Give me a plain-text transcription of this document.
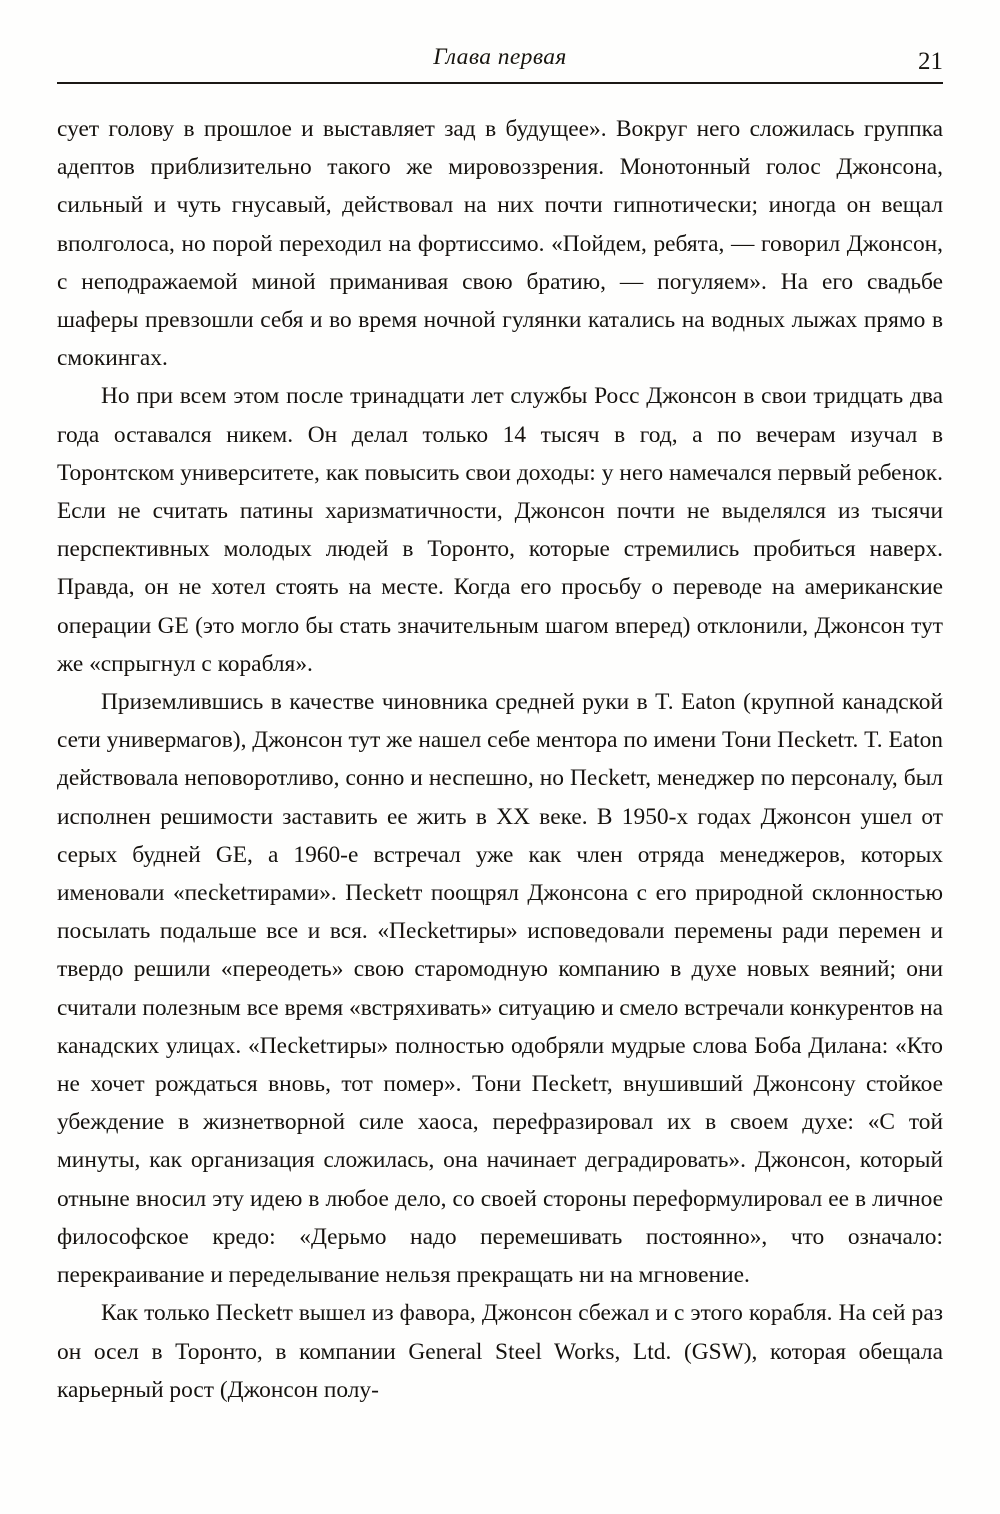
Глава первая	21

сует голову в прошлое и выставляет зад в будущее». Вокруг него сложилась группка адептов приблизительно такого же мировоззрения. Монотонный голос Джонсона, сильный и чуть гнусавый, действовал на них почти гипнотически; иногда он вещал вполголоса, но порой переходил на фортиссимо. «Пойдем, ребята, — говорил Джонсон, с неподражаемой миной приманивая свою братию, — погуляем». На его свадьбе шаферы превзошли себя и во время ночной гулянки катались на водных лыжах прямо в смокингах.

Но при всем этом после тринадцати лет службы Росс Джонсон в свои тридцать два года оставался никем. Он делал только 14 тысяч в год, а по вечерам изучал в Торонтском университете, как повысить свои доходы: у него намечался первый ребенок. Если не считать патины харизматичности, Джонсон почти не выделялся из тысячи перспективных молодых людей в Торонто, которые стремились пробиться наверх. Правда, он не хотел стоять на месте. Когда его просьбу о переводе на американские операции GE (это могло бы стать значительным шагом вперед) отклонили, Джонсон тут же «спрыгнул с корабля».

Приземлившись в качестве чиновника средней руки в T. Eaton (крупной канадской сети универмагов), Джонсон тут же нашел себе ментора по имени Тони Песketт. T. Eaton действовала неповоротливо, сонно и неспешно, но Песketт, менеджер по персоналу, был исполнен решимости заставить ее жить в XX веке. В 1950-х годах Джонсон ушел от серых будней GE, а 1960-е встречал уже как член отряда менеджеров, которых именовали «песketтирами». Песketт поощрял Джонсона с его природной склонностью посылать подальше все и вся. «Песketтиры» исповедовали перемены ради перемен и твердо решили «переодеть» свою старомодную компанию в духе новых веяний; они считали полезным все время «встряхивать» ситуацию и смело встречали конкурентов на канадских улицах. «Песketтиры» полностью одобряли мудрые слова Боба Дилана: «Кто не хочет рождаться вновь, тот помер». Тони Песketт, внушивший Джонсону стойкое убеждение в жизнетворной силе хаоса, перефразировал их в своем духе: «С той минуты, как организация сложилась, она начинает деградировать». Джонсон, который отныне вносил эту идею в любое дело, со своей стороны переформулировал ее в личное философское кредо: «Дерьмо надо перемешивать постоянно», что означало: перекраивание и переделывание нельзя прекращать ни на мгновение.

Как только Песketт вышел из фавора, Джонсон сбежал и с этого корабля. На сей раз он осел в Торонто, в компании General Steel Works, Ltd. (GSW), которая обещала карьерный рост (Джонсон полу-
